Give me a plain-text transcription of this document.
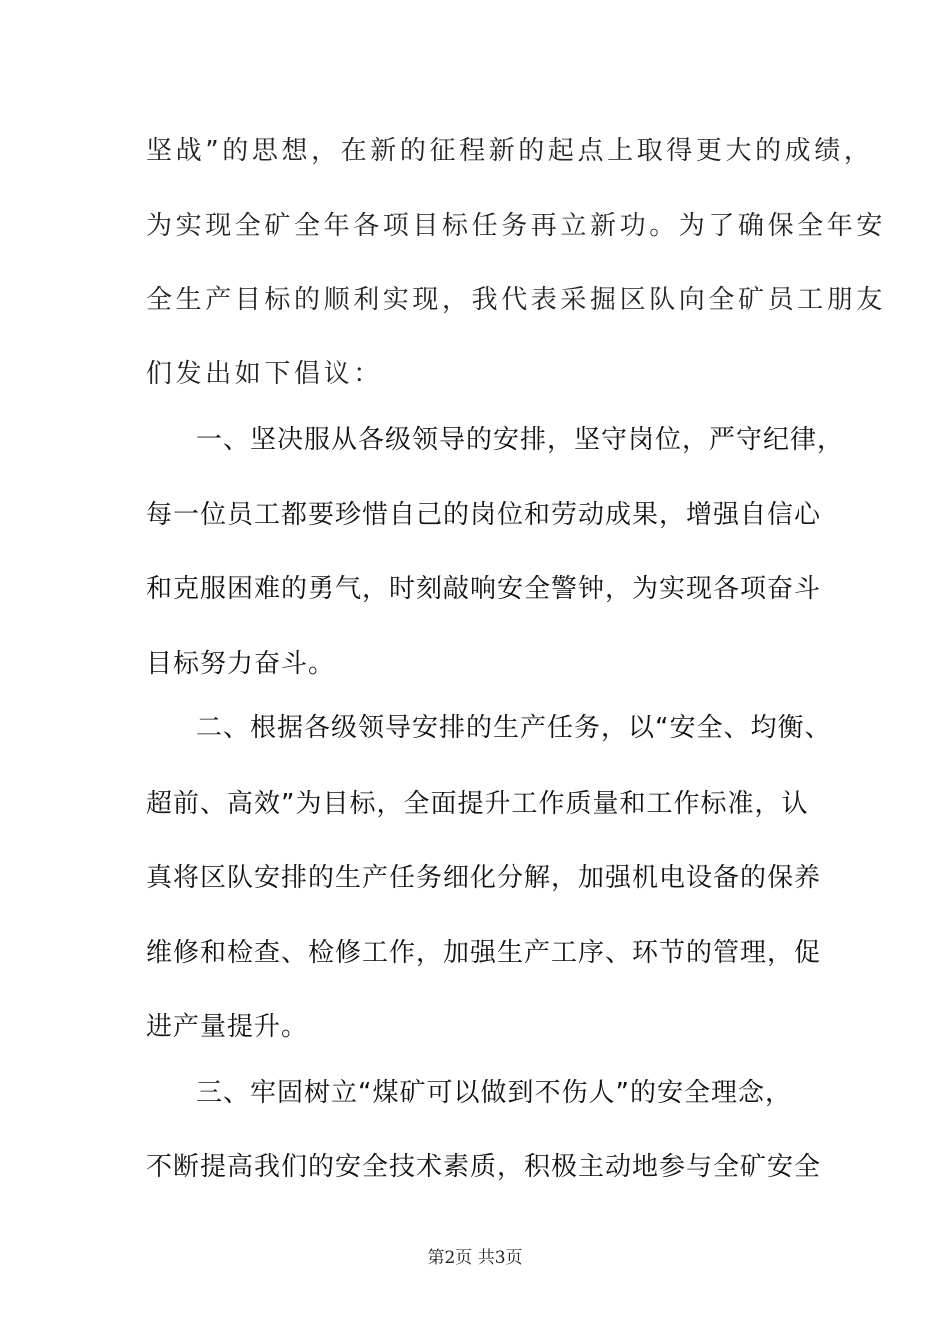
坚战”的思想，在新的征程新的起点上取得更大的成绩，
为实现全矿全年各项目标任务再立新功。为了确保全年安
全生产目标的顺利实现，我代表采掘区队向全矿员工朋友
们发出如下倡议：
一、坚决服从各级领导的安排，坚守岗位，严守纪律，
每一位员工都要珍惜自己的岗位和劳动成果，增强自信心
和克服困难的勇气，时刻敲响安全警钟，为实现各项奋斗
目标努力奋斗。
二、根据各级领导安排的生产任务，以“安全、均衡、
超前、高效”为目标，全面提升工作质量和工作标准，认
真将区队安排的生产任务细化分解，加强机电设备的保养
维修和检查、检修工作，加强生产工序、环节的管理，促
进产量提升。
三、牢固树立“煤矿可以做到不伤人”的安全理念，
不断提高我们的安全技术素质，积极主动地参与全矿安全
第2页 共3页
